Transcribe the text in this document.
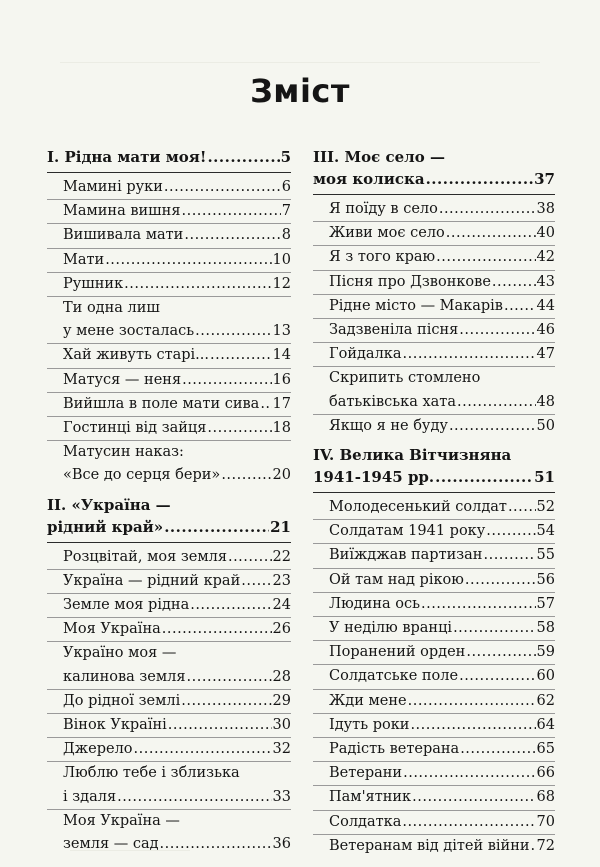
Зміст
I. Рідна мати моя! .....	5
Мамині руки .....	6
Мамина вишня .....	7
Вишивала мати .....	8
Мати .....	10
Рушник .....	12
Ти одна лиш
у мене зосталась .....	13
Хай живуть старі... .....	14
Матуся — неня .....	16
Вийшла в поле мати сива ..... 17
Гостинці від зайця .....	18
Матусин наказ:
«Все до серця бери» .....	20
II. «Україна —
рідний край» .....	21
Розцвітай, моя земля .....	22
Україна — рідний край ..... 23
Земле моя рідна .....	24
Моя Україна .....	26
Україно моя —
калинова земля .....	28
До рідної землі .....	29
Вінок Україні .....	30
Джерело .....	32
Люблю тебе і зблизька
і здаля .....	33
Моя Україна —
земля — сад .....	36
III. Моє село —
моя колиска .....	37
Я поїду в село .....	38
Живи моє село .....	40
Я з того краю .....	42
Пісня про Дзвонкове .....	43
Рідне місто — Макарів ..... 44
Задзвеніла пісня .....	46
Гойдалка .....	47
Скрипить стомлено
батьківська хата .....	48
Якщо я не буду .....	50
IV. Велика Вітчизняна
1941-1945 рр. .....	51
Молодесенький солдат ..... 52
Солдатам 1941 року .....	54
Виїжджав партизан .....	55
Ой там над рікою .....	56
Людина ось .....	57
У неділю вранці .....	58
Поранений орден .....	59
Солдатське поле .....	60
Жди мене .....	62
Ідуть роки .....	64
Радість ветерана .....	65
Ветерани .....	66
Пам'ятник .....	68
Солдатка .....	70
Ветеранам від дітей війни ..... 72
